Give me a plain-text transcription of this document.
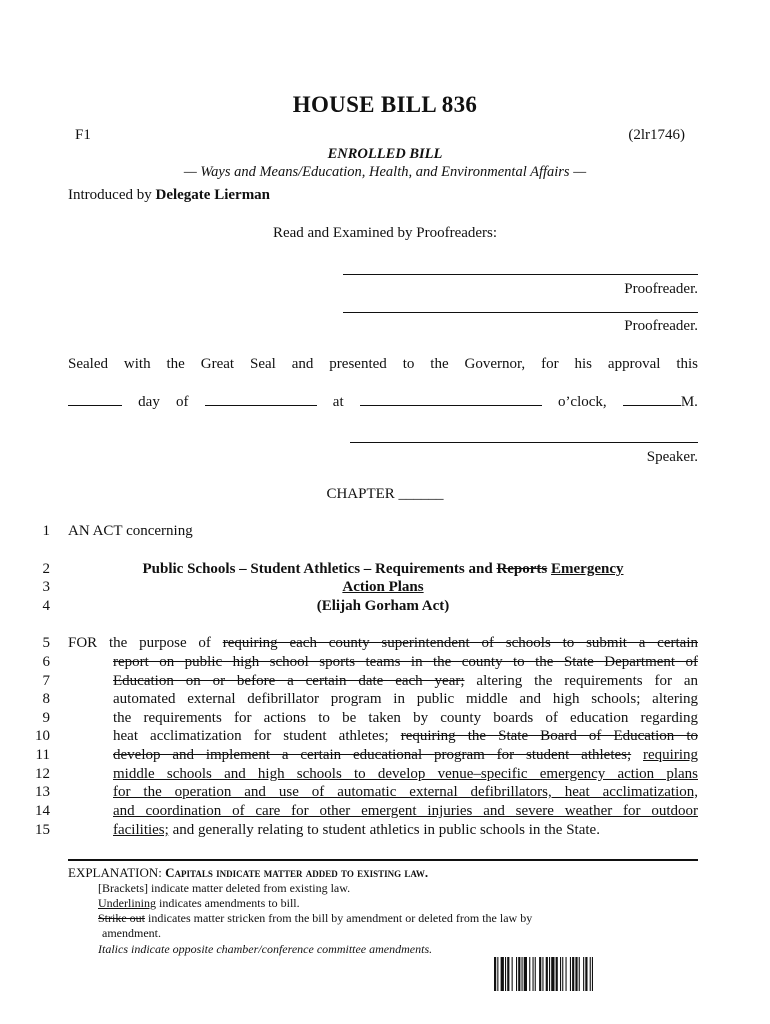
HOUSE BILL 836
F1	(2lr1746)
ENROLLED BILL
— Ways and Means/Education, Health, and Environmental Affairs —
Introduced by Delegate Lierman
Read and Examined by Proofreaders:
Proofreader.
Proofreader.
Sealed with the Great Seal and presented to the Governor, for his approval this
day of	at	o’clock,	M.
Speaker.
CHAPTER ______
1
2
3
4
5
6
7
8
9
10
11
12
13
14
15
AN ACT concerning
Public Schools – Student Athletics – Requirements and Reports Emergency
Action Plans
(Elijah Gorham Act)
FOR the purpose of requiring each county superintendent of schools to submit a certain
report on public high school sports teams in the county to the State Department of
Education on or before a certain date each year; altering the requirements for an
automated external defibrillator program in public middle and high schools; altering
the requirements for actions to be taken by county boards of education regarding
heat acclimatization for student athletes; requiring the State Board of Education to
develop and implement a certain educational program for student athletes; requiring
middle schools and high schools to develop venue–specific emergency action plans
for the operation and use of automatic external defibrillators, heat acclimatization,
and coordination of care for other emergent injuries and severe weather for outdoor
facilities; and generally relating to student athletics in public schools in the State.
EXPLANATION: Capitals indicate matter added to existing law.
[Brackets] indicate matter deleted from existing law.
Underlining indicates amendments to bill.
Strike out indicates matter stricken from the bill by amendment or deleted from the law by
amendment.
Italics indicate opposite chamber/conference committee amendments.
